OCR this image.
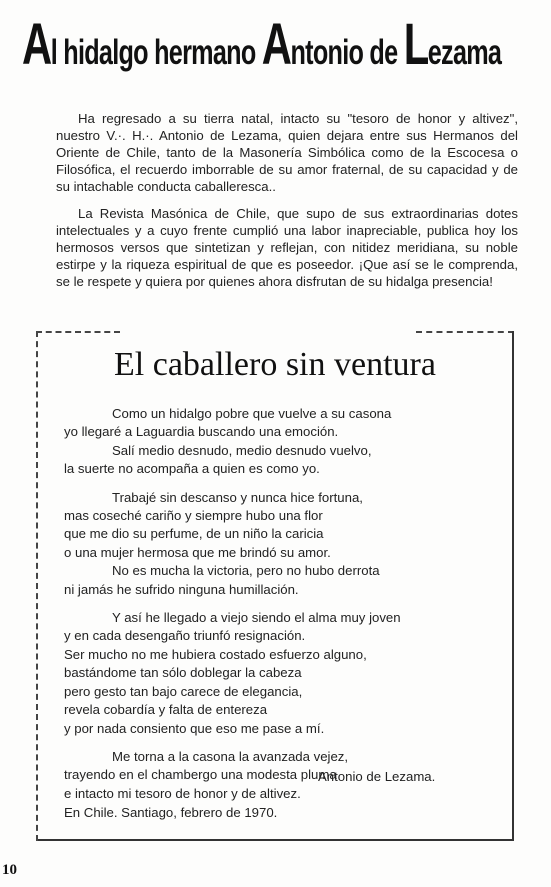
Al hidalgo hermano Antonio de Lezama

Ha regresado a su tierra natal, intacto su "tesoro de honor y altivez", nuestro V.·. H.·. Antonio de Lezama, quien dejara entre sus Hermanos del Oriente de Chile, tanto de la Masonería Simbólica como de la Escocesa o Filosófica, el recuerdo imborrable de su amor fraternal, de su capacidad y de su intachable conducta caballeresca..

La Revista Masónica de Chile, que supo de sus extraordinarias dotes intelectuales y a cuyo frente cumplió una labor inapreciable, publica hoy los hermosos versos que sintetizan y reflejan, con nitidez meridiana, su noble estirpe y la riqueza espiritual de que es poseedor. ¡Que así se le comprenda, se le respete y quiera por quienes ahora disfrutan de su hidalga presencia!

El caballero sin ventura
Como un hidalgo pobre que vuelve a su casona
yo llegaré a Laguardia buscando una emoción.
Salí medio desnudo, medio desnudo vuelvo,
la suerte no acompaña a quien es como yo.
Trabajé sin descanso y nunca hice fortuna,
mas coseché cariño y siempre hubo una flor
que me dio su perfume, de un niño la caricia
o una mujer hermosa que me brindó su amor.
No es mucha la victoria, pero no hubo derrota
ni jamás he sufrido ninguna humillación.
Y así he llegado a viejo siendo el alma muy joven
y en cada desengaño triunfó resignación.
Ser mucho no me hubiera costado esfuerzo alguno,
bastándome tan sólo doblegar la cabeza
pero gesto tan bajo carece de elegancia,
revela cobardía y falta de entereza
y por nada consiento que eso me pase a mí.
Me torna a la casona la avanzada vejez,
trayendo en el chambergo una modesta pluma
e intacto mi tesoro de honor y de altivez.
Antonio de Lezama.
En Chile. Santiago, febrero de 1970.
10
